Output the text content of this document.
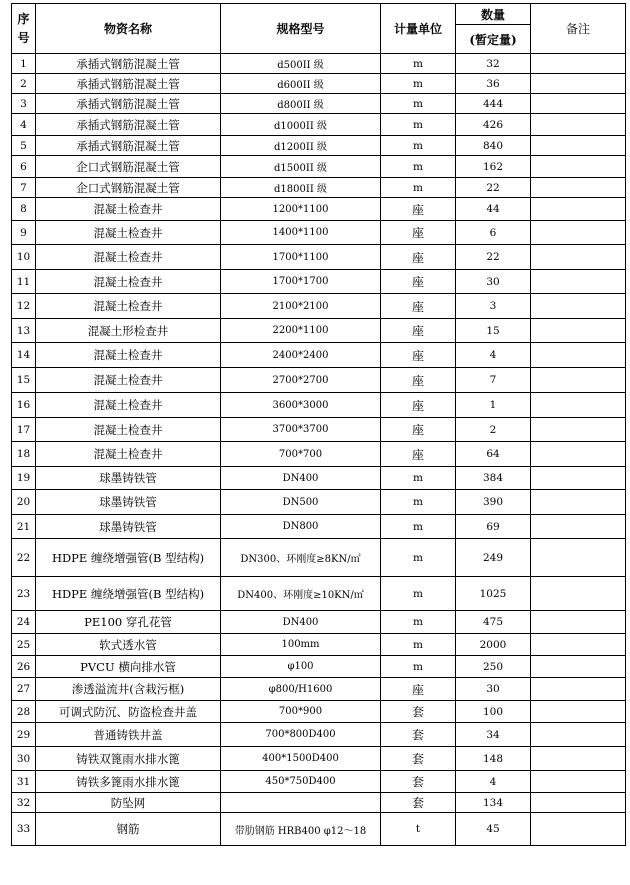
序
号	物资名称	规格型号	计量单位	数量	备注
				(暂定量)	
1	承插式钢筋混凝土管	d500II 级	m	32	
2	承插式钢筋混凝土管	d600II 级	m	36	
3	承插式钢筋混凝土管	d800II 级	m	444	
4	承插式钢筋混凝土管	d1000II 级	m	426	
5	承插式钢筋混凝土管	d1200II 级	m	840	
6	企口式钢筋混凝土管	d1500II 级	m	162	
7	企口式钢筋混凝土管	d1800II 级	m	22	
8	混凝土检查井	1200*1100	座	44	
9	混凝土检查井	1400*1100	座	6	
10	混凝土检查井	1700*1100	座	22	
11	混凝土检查井	1700*1700	座	30	
12	混凝土检查井	2100*2100	座	3	
13	混凝土形检查井	2200*1100	座	15	
14	混凝土检查井	2400*2400	座	4	
15	混凝土检查井	2700*2700	座	7	
16	混凝土检查井	3600*3000	座	1	
17	混凝土检查井	3700*3700	座	2	
18	混凝土检查井	700*700	座	64	
19	球墨铸铁管	DN400	m	384	
20	球墨铸铁管	DN500	m	390	
21	球墨铸铁管	DN800	m	69	
22	HDPE 缠绕增强管(B 型结构)	DN300、环刚度≥8KN/㎡	m	249	
23	HDPE 缠绕增强管(B 型结构)	DN400、环刚度≥10KN/㎡	m	1025	
24	PE100 穿孔花管	DN400	m	475	
25	软式透水管	100mm	m	2000	
26	PVCU 横向排水管	φ100	m	250	
27	渗透溢流井(含栽污框)	φ800/H1600	座	30	
28	可调式防沉、防盗检查井盖	700*900	套	100	
29	普通铸铁井盖	700*800D400	套	34	
30	铸铁双篦雨水排水篦	400*1500D400	套	148	
31	铸铁多篦雨水排水篦	450*750D400	套	4	
32	防坠网		套	134	
33	钢筋	带肋钢筋 HRB400 φ12～18	t	45	
